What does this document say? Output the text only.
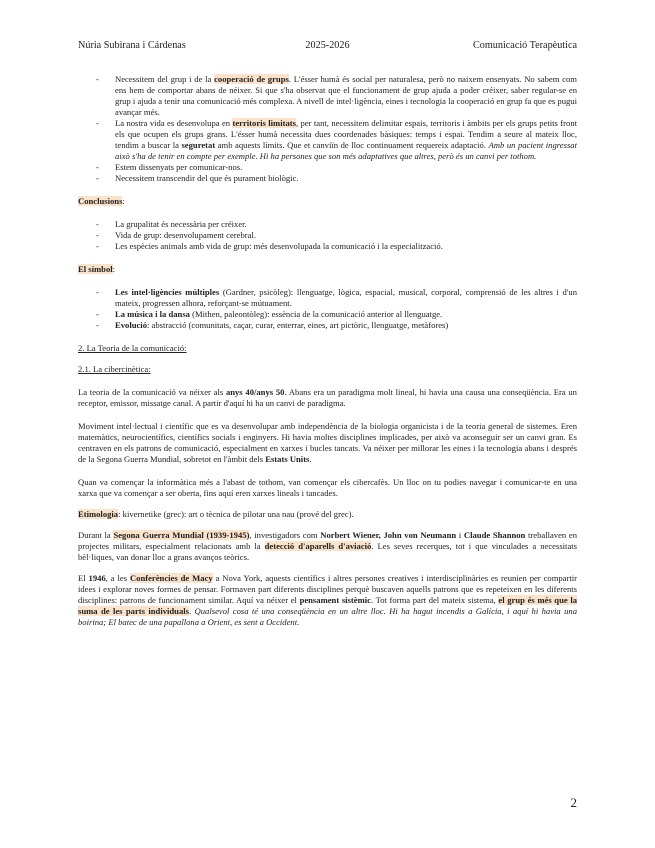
Núria Subirana i Cárdenas	2025-2026	Comunicació Terapèutica
- Necessitem del grup i de la cooperació de grups. L'ésser humà és social per naturalesa, però no naixem ensenyats. No sabem com ens hem de comportar abans de néixer. Si que s'ha observat que el funcionament de grup ajuda a poder créixer, saber regular-se en grup i ajuda a tenir una comunicació més complexa. A nivell de intel·ligència, eines i tecnologia la cooperació en grup fa que es pugui avançar més.
- La nostra vida es desenvolupa en territoris limitats, per tant, necessitem delimitar espais, territoris i àmbits per els grups petits front els que ocupen els grups grans. L'ésser humà necessita dues coordenades bàsiques: temps i espai. Tendim a seure al mateix lloc, tendim a buscar la seguretat amb aquests límits. Que et canviïn de lloc continuament requereix adaptació. Amb un pacient ingressat això s'ha de tenir en compte per exemple. Hi ha persones que son més adaptatives que altres, però és un canvi per tothom.
- Estem dissenyats per comunicar-nos.
- Necessitem transcendir del que és purament biològic.

Conclusions:

- La grupalitat és necessària per créixer.
- Vida de grup: desenvolupament cerebral.
- Les espècies animals amb vida de grup: més desenvolupada la comunicació i la especialització.

El símbol:

- Les intel·ligències múltiples (Gardner, psicòleg): llenguatge, lògica, espacial, musical, corporal, comprensió de les altres i d'un mateix, progressen alhora, reforçant-se mútuament.
- La música i la dansa (Mithen, paleontòleg): essència de la comunicació anterior al llenguatge.
- Evolució: abstracció (comunitats, caçar, curar, enterrar, eines, art pictòric, llenguatge, metàfores)

2. La Teoria de la comunicació:

2.1. La cibercinètica:

La teoria de la comunicació va néixer als anys 40/anys 50. Abans era un paradigma molt lineal, hi havia una causa una conseqüència. Era un receptor, emissor, missatge canal. A partir d'aquí hi ha un canvi de paradigma.

Moviment intel·lectual i científic que es va desenvolupar amb independència de la biologia organicista i de la teoria general de sistemes. Eren matemàtics, neurocientífics, científics socials i enginyers. Hi havia moltes disciplines implicades, per això va aconseguir ser un canvi gran. Es centraven en els patrons de comunicació, especialment en xarxes i bucles tancats. Va néixer per millorar les eines i la tecnologia abans i després de la Segona Guerra Mundial, sobretot en l'àmbit dels Estats Units.

Quan va començar la informàtica més a l'abast de tothom, van començar els cibercafès. Un lloc on tu podies navegar i comunicar-te en una xarxa que va començar a ser oberta, fins aquí eren xarxes lineals i tancades.

Etimologia: kivernetike (grec): art o tècnica de pilotar una nau (prové del grec).

Durant la Segona Guerra Mundial (1939-1945), investigadors com Norbert Wiener, John von Neumann i Claude Shannon treballaven en projectes militars, especialment relacionats amb la detecció d'aparells d'aviació. Les seves recerques, tot i que vinculades a necessitats bèl·liques, van donar lloc a grans avanços teòrics.

El 1946, a les Conferències de Macy a Nova York, aquests científics i altres persones creatives i interdisciplinàries es reunien per compartir idees i explorar noves formes de pensar. Formaven part diferents disciplines perquè buscaven aquells patrons que es repeteixen en les diferents disciplines: patrons de funcionament similar. Aquí va néixer el pensament sistèmic. Tot forma part del mateix sistema, el grup és més que la suma de les parts individuals. Qualsevol cosa té una conseqüència en un altre lloc. Hi ha hagut incendis a Galícia, i aquí hi havia una boirina; El batec de una papallona a Orient, es sent a Occident.

2
